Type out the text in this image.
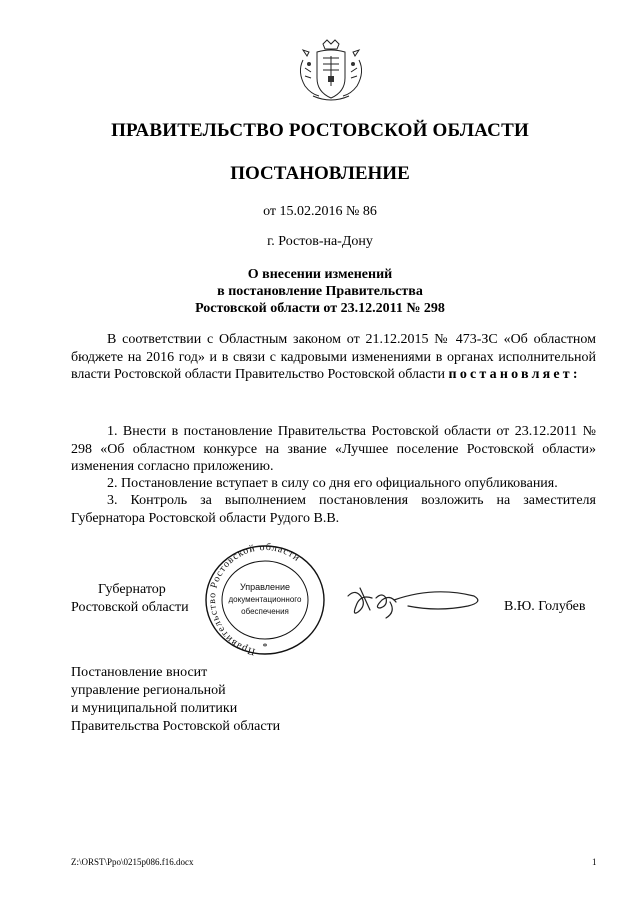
ПРАВИТЕЛЬСТВО РОСТОВСКОЙ ОБЛАСТИ
ПОСТАНОВЛЕНИЕ
от 15.02.2016 № 86
г. Ростов-на-Дону
О внесении изменений
в постановление Правительства
Ростовской области от 23.12.2011 № 298
В соответствии с Областным законом от 21.12.2015 № 473-ЗС «Об областном бюджете на 2016 год» и в связи с кадровыми изменениями в органах исполнительной власти Ростовской области Правительство Ростовской области постановляет:
1. Внести в постановление Правительства Ростовской области от 23.12.2011 № 298 «Об областном конкурсе на звание «Лучшее поселение Ростовской области» изменения согласно приложению.
2. Постановление вступает в силу со дня его официального опубликования.
3. Контроль за выполнением постановления возложить на заместителя Губернатора Ростовской области Рудого В.В.
Губернатор
Ростовской области
Правительство Ростовской области
Управление
документационного
обеспечения
*
В.Ю. Голубев
Постановление вносит
управление региональной
и муниципальной политики
Правительства Ростовской области
Z:\ORST\Ppo\0215p086.f16.docx	1
